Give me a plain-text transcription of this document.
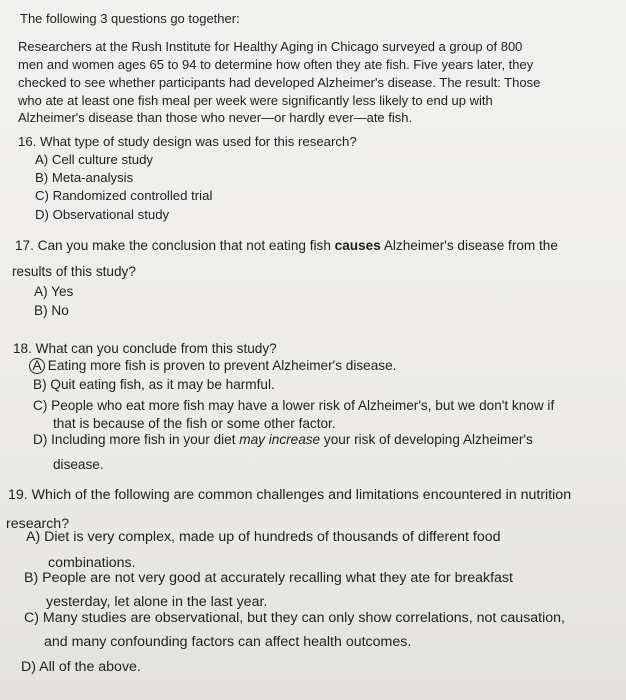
The following 3 questions go together:
Researchers at the Rush Institute for Healthy Aging in Chicago surveyed a group of 800
men and women ages 65 to 94 to determine how often they ate fish. Five years later, they
checked to see whether participants had developed Alzheimer's disease. The result: Those
who ate at least one fish meal per week were significantly less likely to end up with
Alzheimer's disease than those who never—or hardly ever—ate fish.
16. What type of study design was used for this research?
A) Cell culture study
B) Meta-analysis
C) Randomized controlled trial
D) Observational study
17. Can you make the conclusion that not eating fish causes Alzheimer's disease from the
results of this study?
A) Yes
B) No
18. What can you conclude from this study?
A Eating more fish is proven to prevent Alzheimer's disease.
B) Quit eating fish, as it may be harmful.
C) People who eat more fish may have a lower risk of Alzheimer's, but we don't know if
that is because of the fish or some other factor.
D) Including more fish in your diet may increase your risk of developing Alzheimer's
disease.
19. Which of the following are common challenges and limitations encountered in nutrition
research?
A) Diet is very complex, made up of hundreds of thousands of different food
combinations.
B) People are not very good at accurately recalling what they ate for breakfast
yesterday, let alone in the last year.
C) Many studies are observational, but they can only show correlations, not causation,
and many confounding factors can affect health outcomes.
D) All of the above.
